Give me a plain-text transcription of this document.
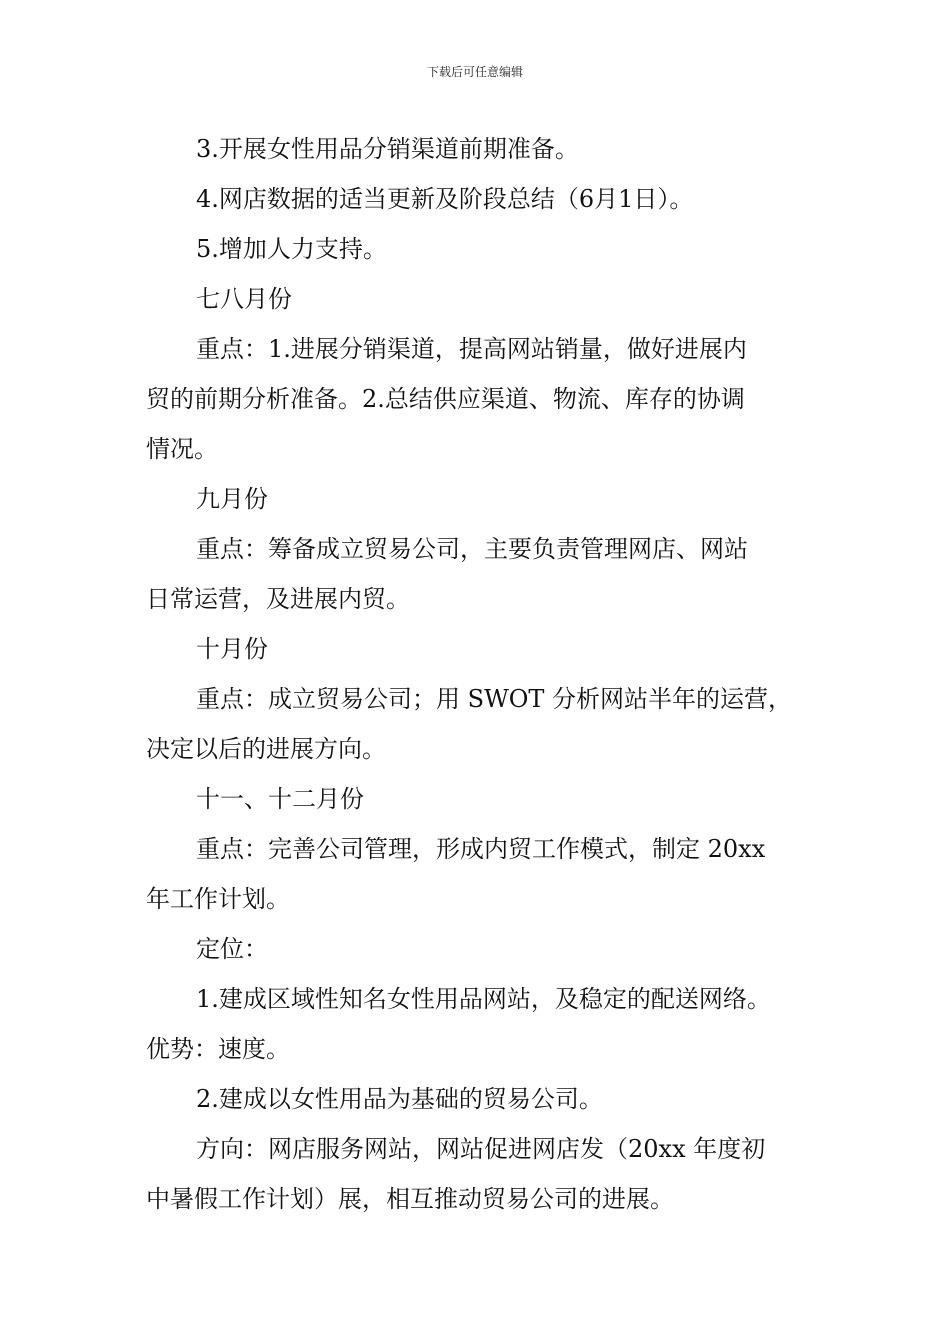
下载后可任意编辑
3.开展女性用品分销渠道前期准备。
4.网店数据的适当更新及阶段总结（6月1日）。
5.增加人力支持。
七八月份
重点：1.进展分销渠道，提高网站销量，做好进展内
贸的前期分析准备。2.总结供应渠道、物流、库存的协调
情况。
九月份
重点：筹备成立贸易公司，主要负责管理网店、网站
日常运营，及进展内贸。
十月份
重点：成立贸易公司；用 SWOT 分析网站半年的运营，
决定以后的进展方向。
十一、十二月份
重点：完善公司管理，形成内贸工作模式，制定 20xx
年工作计划。
定位：
1.建成区域性知名女性用品网站，及稳定的配送网络。
优势：速度。
2.建成以女性用品为基础的贸易公司。
方向：网店服务网站，网站促进网店发（20xx 年度初
中暑假工作计划）展，相互推动贸易公司的进展。
